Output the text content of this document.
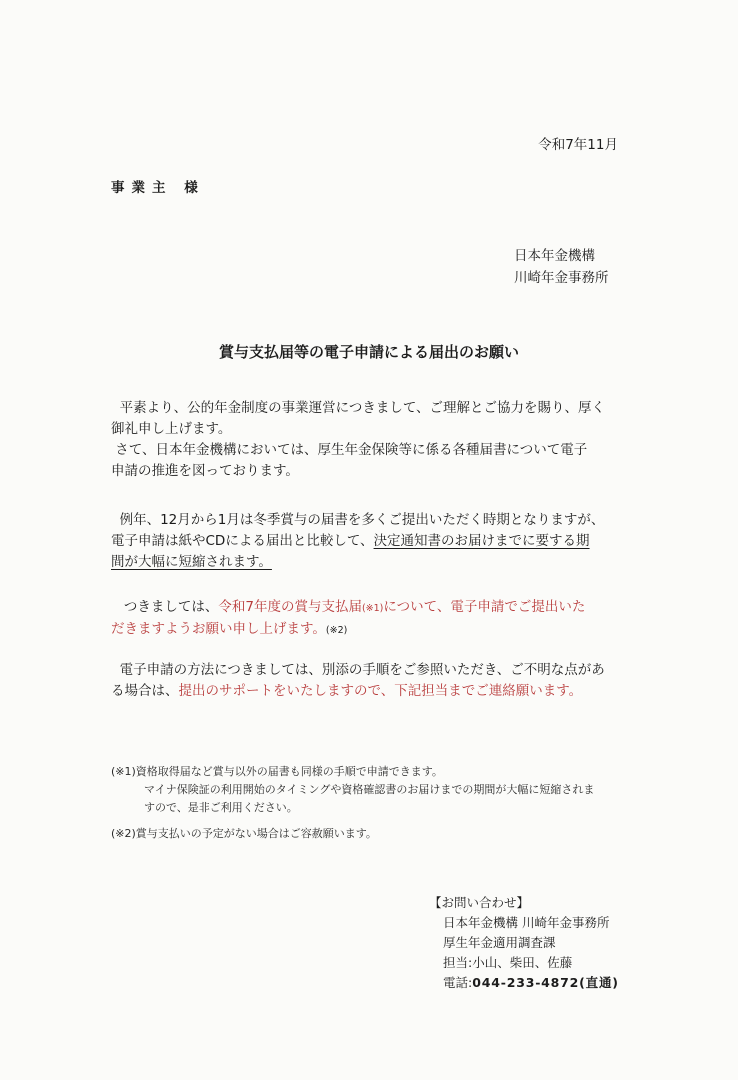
令和7年11月
事業主 様
日本年金機構
川崎年金事務所
賞与支払届等の電子申請による届出のお願い
平素より、公的年金制度の事業運営につきまして、ご理解とご協力を賜り、厚く
御礼申し上げます。
さて、日本年金機構においては、厚生年金保険等に係る各種届書について電子
申請の推進を図っております。
例年、12月から1月は冬季賞与の届書を多くご提出いただく時期となりますが、
電子申請は紙やCDによる届出と比較して、決定通知書のお届けまでに要する期
間が大幅に短縮されます。
つきましては、令和7年度の賞与支払届(※1)について、電子申請でご提出いた
だきますようお願い申し上げます。(※2)
電子申請の方法につきましては、別添の手順をご参照いただき、ご不明な点があ
る場合は、提出のサポートをいたしますので、下記担当までご連絡願います。
(※1)資格取得届など賞与以外の届書も同様の手順で申請できます。
マイナ保険証の利用開始のタイミングや資格確認書のお届けまでの期間が大幅に短縮されま
すので、是非ご利用ください。
(※2)賞与支払いの予定がない場合はご容赦願います。
【お問い合わせ】
日本年金機構 川崎年金事務所
厚生年金適用調査課
担当:小山、柴田、佐藤
電話:044-233-4872(直通)
